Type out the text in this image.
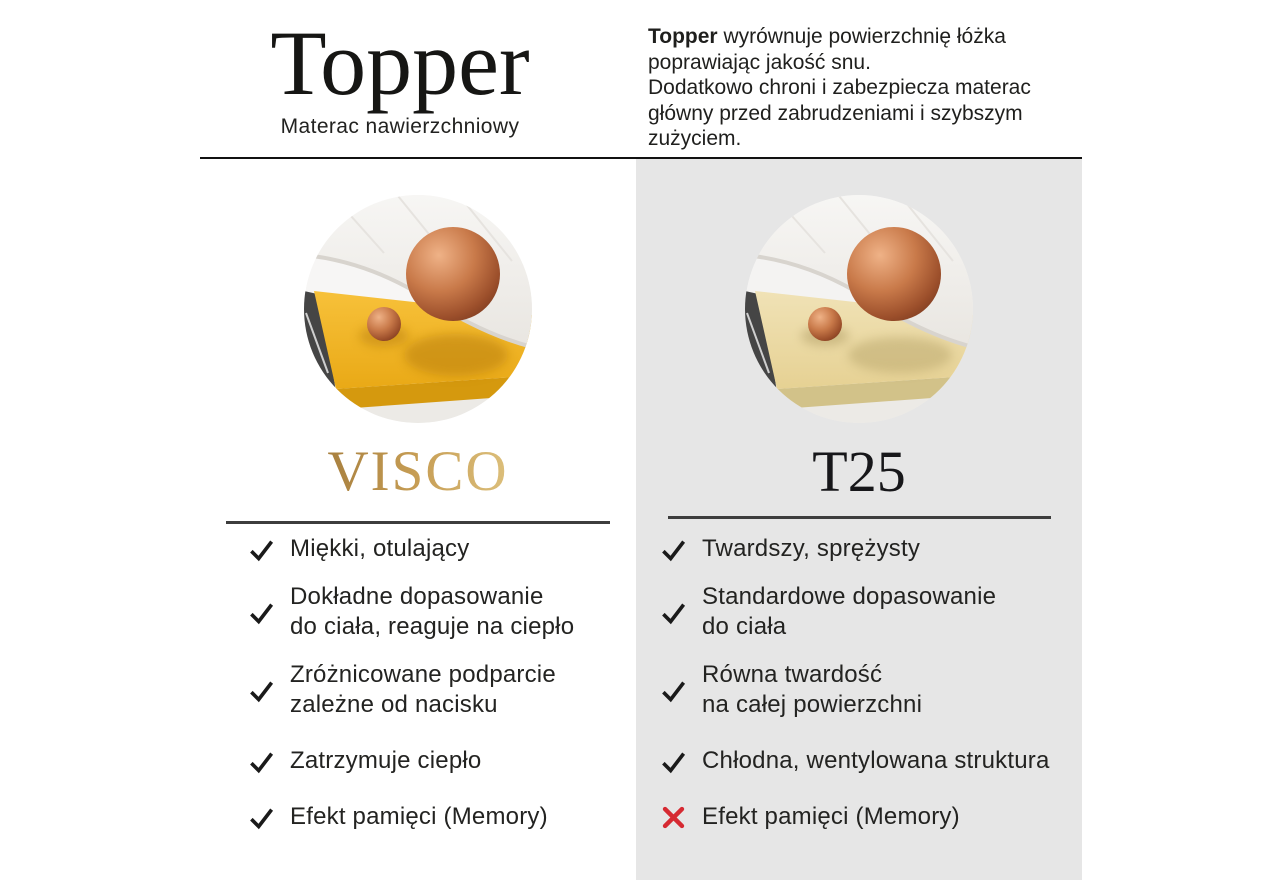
Topper
Materac nawierzchniowy
Topper wyrównuje powierzchnię łóżka
poprawiając jakość snu.
Dodatkowo chroni i zabezpiecza materac
główny przed zabrudzeniami i szybszym
zużyciem.
VISCO
Miękki, otulający
Dokładne dopasowanie
do ciała, reaguje na ciepło
Zróżnicowane podparcie
zależne od nacisku
Zatrzymuje ciepło
Efekt pamięci (Memory)
T25
Twardszy, sprężysty
Standardowe dopasowanie
do ciała
Równa twardość
na całej powierzchni
Chłodna, wentylowana struktura
Efekt pamięci (Memory)
